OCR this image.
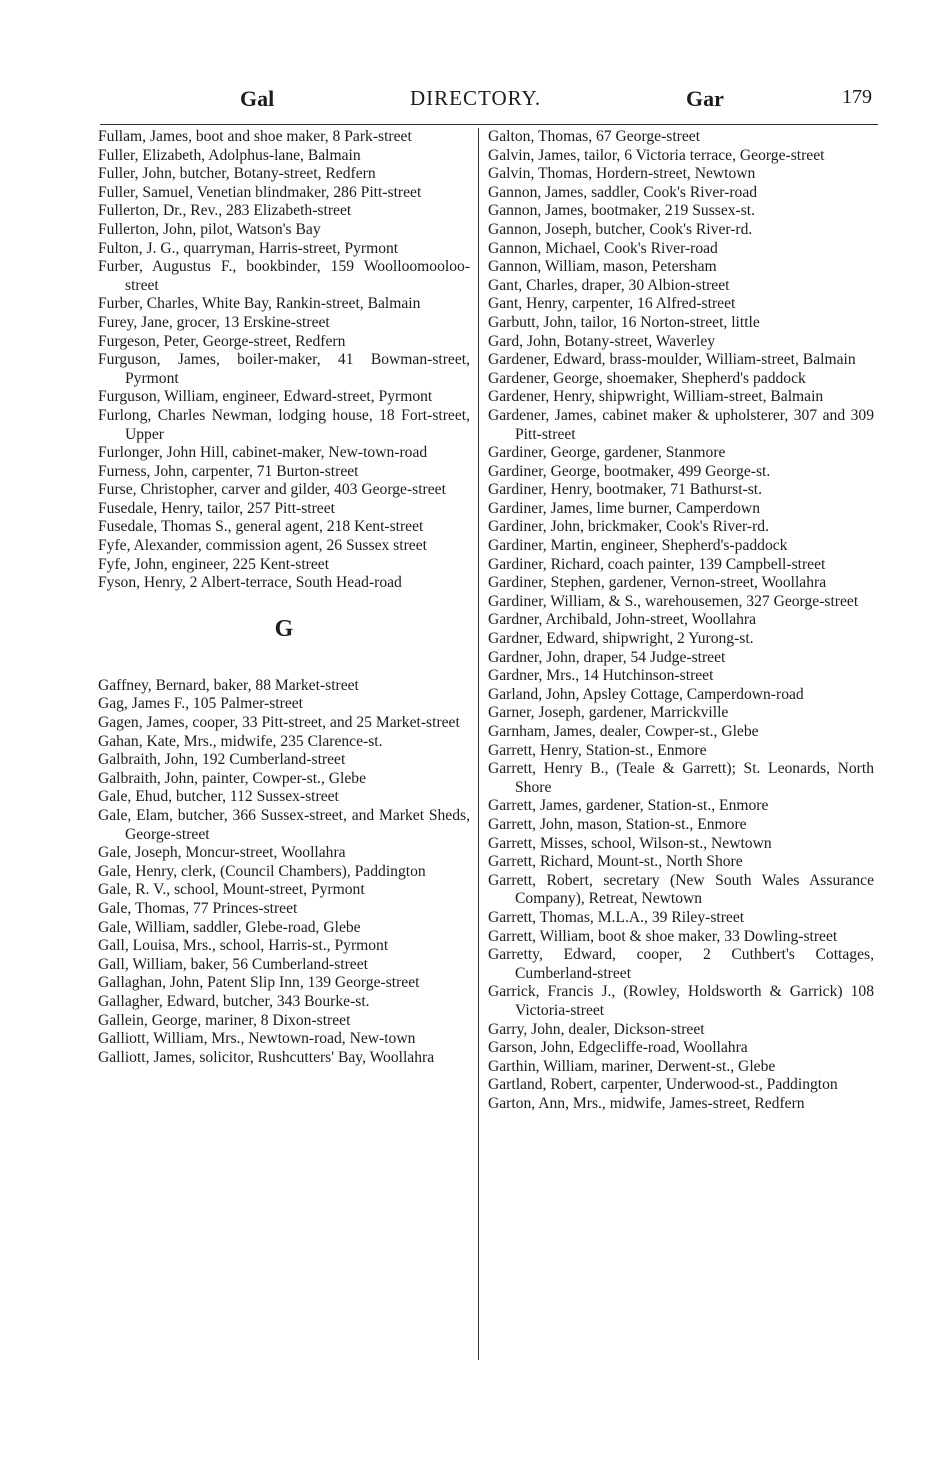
Gal	DIRECTORY.	Gar	179
Fullam, James, boot and shoe maker, 8 Park-street
Fuller, Elizabeth, Adolphus-lane, Balmain
Fuller, John, butcher, Botany-street, Redfern
Fuller, Samuel, Venetian blindmaker, 286 Pitt-street
Fullerton, Dr., Rev., 283 Elizabeth-street
Fullerton, John, pilot, Watson's Bay
Fulton, J. G., quarryman, Harris-street, Pyrmont
Furber, Augustus F., bookbinder, 159 Woolloomooloo-street
Furber, Charles, White Bay, Rankin-street, Balmain
Furey, Jane, grocer, 13 Erskine-street
Furgeson, Peter, George-street, Redfern
Furguson, James, boiler-maker, 41 Bowman-street, Pyrmont
Furguson, William, engineer, Edward-street, Pyrmont
Furlong, Charles Newman, lodging house, 18 Fort-street, Upper
Furlonger, John Hill, cabinet-maker, New-town-road
Furness, John, carpenter, 71 Burton-street
Furse, Christopher, carver and gilder, 403 George-street
Fusedale, Henry, tailor, 257 Pitt-street
Fusedale, Thomas S., general agent, 218 Kent-street
Fyfe, Alexander, commission agent, 26 Sussex street
Fyfe, John, engineer, 225 Kent-street
Fyson, Henry, 2 Albert-terrace, South Head-road
G
Gaffney, Bernard, baker, 88 Market-street
Gag, James F., 105 Palmer-street
Gagen, James, cooper, 33 Pitt-street, and 25 Market-street
Gahan, Kate, Mrs., midwife, 235 Clarence-st.
Galbraith, John, 192 Cumberland-street
Galbraith, John, painter, Cowper-st., Glebe
Gale, Ehud, butcher, 112 Sussex-street
Gale, Elam, butcher, 366 Sussex-street, and Market Sheds, George-street
Gale, Joseph, Moncur-street, Woollahra
Gale, Henry, clerk, (Council Chambers), Paddington
Gale, R. V., school, Mount-street, Pyrmont
Gale, Thomas, 77 Princes-street
Gale, William, saddler, Glebe-road, Glebe
Gall, Louisa, Mrs., school, Harris-st., Pyrmont
Gall, William, baker, 56 Cumberland-street
Gallaghan, John, Patent Slip Inn, 139 George-street
Gallagher, Edward, butcher, 343 Bourke-st.
Gallein, George, mariner, 8 Dixon-street
Galliott, William, Mrs., Newtown-road, New-town
Galliott, James, solicitor, Rushcutters' Bay, Woollahra
Galton, Thomas, 67 George-street
Galvin, James, tailor, 6 Victoria terrace, George-street
Galvin, Thomas, Hordern-street, Newtown
Gannon, James, saddler, Cook's River-road
Gannon, James, bootmaker, 219 Sussex-st.
Gannon, Joseph, butcher, Cook's River-rd.
Gannon, Michael, Cook's River-road
Gannon, William, mason, Petersham
Gant, Charles, draper, 30 Albion-street
Gant, Henry, carpenter, 16 Alfred-street
Garbutt, John, tailor, 16 Norton-street, little
Gard, John, Botany-street, Waverley
Gardener, Edward, brass-moulder, William-street, Balmain
Gardener, George, shoemaker, Shepherd's paddock
Gardener, Henry, shipwright, William-street, Balmain
Gardener, James, cabinet maker & upholsterer, 307 and 309 Pitt-street
Gardiner, George, gardener, Stanmore
Gardiner, George, bootmaker, 499 George-st.
Gardiner, Henry, bootmaker, 71 Bathurst-st.
Gardiner, James, lime burner, Camperdown
Gardiner, John, brickmaker, Cook's River-rd.
Gardiner, Martin, engineer, Shepherd's-paddock
Gardiner, Richard, coach painter, 139 Campbell-street
Gardiner, Stephen, gardener, Vernon-street, Woollahra
Gardiner, William, & S., warehousemen, 327 George-street
Gardner, Archibald, John-street, Woollahra
Gardner, Edward, shipwright, 2 Yurong-st.
Gardner, John, draper, 54 Judge-street
Gardner, Mrs., 14 Hutchinson-street
Garland, John, Apsley Cottage, Camperdown-road
Garner, Joseph, gardener, Marrickville
Garnham, James, dealer, Cowper-st., Glebe
Garrett, Henry, Station-st., Enmore
Garrett, Henry B., (Teale & Garrett); St. Leonards, North Shore
Garrett, James, gardener, Station-st., Enmore
Garrett, John, mason, Station-st., Enmore
Garrett, Misses, school, Wilson-st., Newtown
Garrett, Richard, Mount-st., North Shore
Garrett, Robert, secretary (New South Wales Assurance Company), Retreat, Newtown
Garrett, Thomas, M.L.A., 39 Riley-street
Garrett, William, boot & shoe maker, 33 Dowling-street
Garretty, Edward, cooper, 2 Cuthbert's Cottages, Cumberland-street
Garrick, Francis J., (Rowley, Holdsworth & Garrick) 108 Victoria-street
Garry, John, dealer, Dickson-street
Garson, John, Edgecliffe-road, Woollahra
Garthin, William, mariner, Derwent-st., Glebe
Gartland, Robert, carpenter, Underwood-st., Paddington
Garton, Ann, Mrs., midwife, James-street, Redfern
